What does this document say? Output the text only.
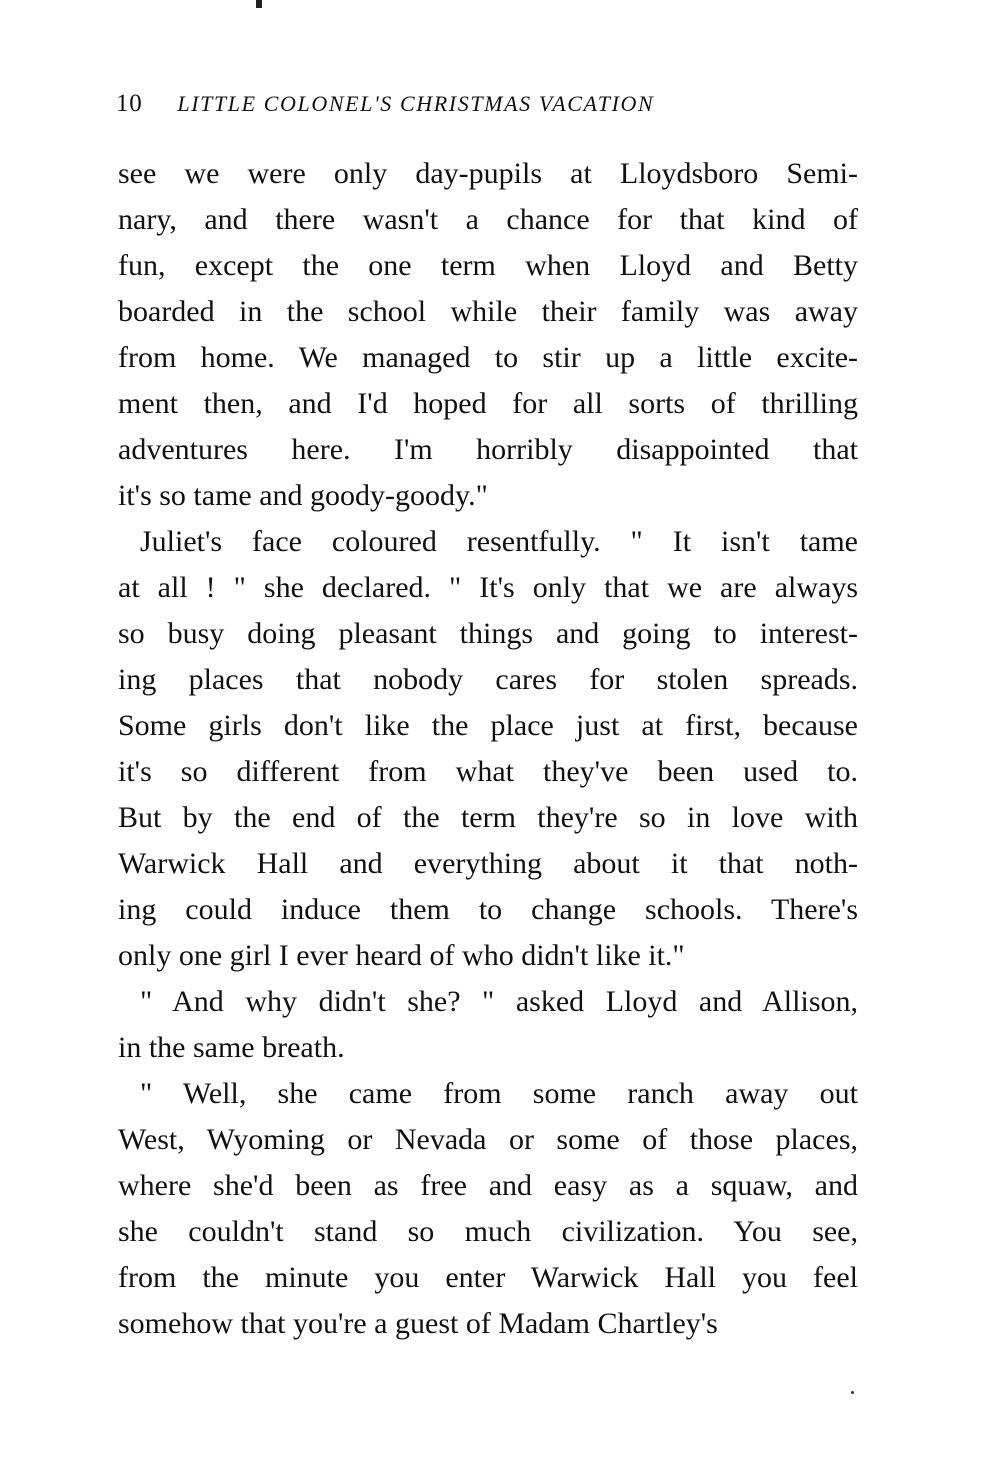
10 LITTLE COLONEL'S CHRISTMAS VACATION
see we were only day-pupils at Lloydsboro Semi-
nary, and there wasn't a chance for that kind of
fun, except the one term when Lloyd and Betty
boarded in the school while their family was away
from home. We managed to stir up a little excite-
ment then, and I'd hoped for all sorts of thrilling
adventures here. I'm horribly disappointed that
it's so tame and goody-goody."
Juliet's face coloured resentfully. " It isn't tame
at all ! " she declared. " It's only that we are always
so busy doing pleasant things and going to interest-
ing places that nobody cares for stolen spreads.
Some girls don't like the place just at first, because
it's so different from what they've been used to.
But by the end of the term they're so in love with
Warwick Hall and everything about it that noth-
ing could induce them to change schools. There's
only one girl I ever heard of who didn't like it."
" And why didn't she? " asked Lloyd and Allison,
in the same breath.
" Well, she came from some ranch away out
West, Wyoming or Nevada or some of those places,
where she'd been as free and easy as a squaw, and
she couldn't stand so much civilization. You see,
from the minute you enter Warwick Hall you feel
somehow that you're a guest of Madam Chartley's
